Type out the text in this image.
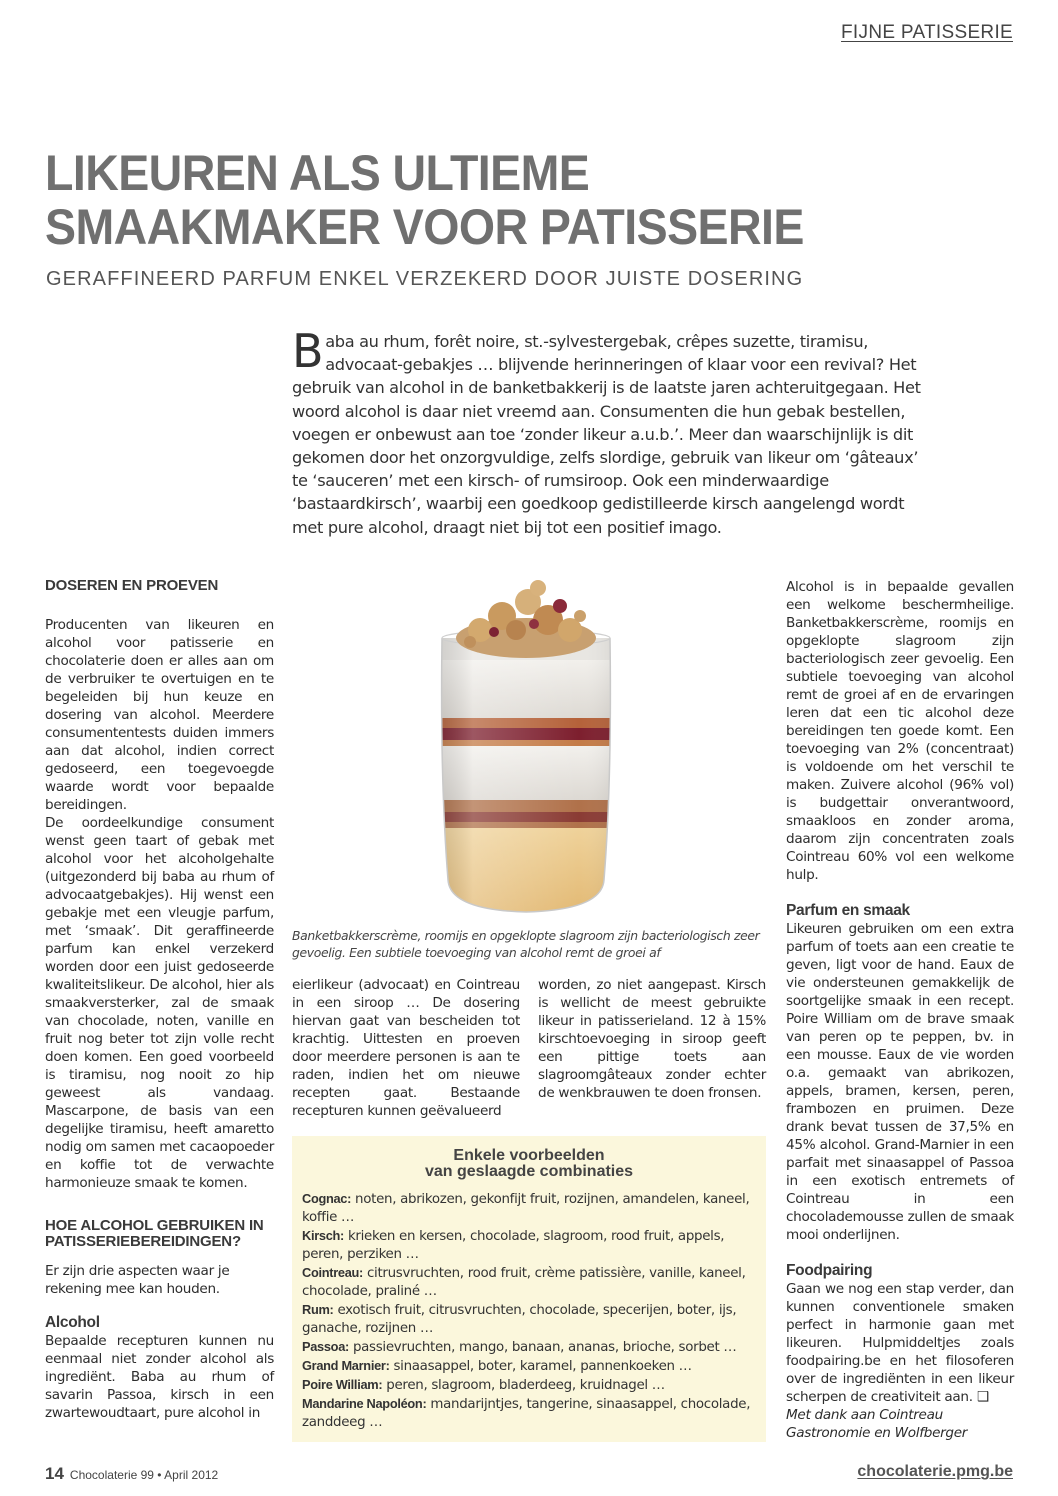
FIJNE PATISSERIE
LIKEUREN ALS ULTIEME
SMAAKMAKER VOOR PATISSERIE
GERAFFINEERD PARFUM ENKEL VERZEKERD DOOR JUISTE DOSERING
Baba au rhum, forêt noire, st.-sylvestergebak, crêpes suzette, tiramisu, advocaat-gebakjes … blijvende herinneringen of klaar voor een revival? Het gebruik van alcohol in de banketbakkerij is de laatste jaren achteruitgegaan. Het woord alcohol is daar niet vreemd aan. Consumenten die hun gebak bestellen, voegen er onbewust aan toe ‘zonder likeur a.u.b.’. Meer dan waarschijnlijk is dit gekomen door het onzorgvuldige, zelfs slordige, gebruik van likeur om ‘gâteaux’ te ‘sauceren’ met een kirsch- of rumsiroop. Ook een minderwaardige ‘bastaardkirsch’, waarbij een goedkoop gedistilleerde kirsch aangelengd wordt met pure alcohol, draagt niet bij tot een positief imago.
DOSEREN EN PROEVEN

Producenten van likeuren en alcohol voor patisserie en chocolaterie doen er alles aan om de verbruiker te overtuigen en te begeleiden bij hun keuze en dosering van alcohol. Meerdere consumententests duiden immers aan dat alcohol, indien correct gedoseerd, een toegevoegde waarde wordt voor bepaalde bereidingen.

De oordeelkundige consument wenst geen taart of gebak met alcohol voor het alcoholgehalte (uitgezonderd bij baba au rhum of advocaatgebakjes). Hij wenst een gebakje met een vleugje parfum, met ‘smaak’. Dit geraffineerde parfum kan enkel verzekerd worden door een juist gedoseerde kwaliteitslikeur. De alcohol, hier als smaakversterker, zal de smaak van chocolade, noten, vanille en fruit nog beter tot zijn volle recht doen komen. Een goed voorbeeld is tiramisu, nog nooit zo hip geweest als vandaag. Mascarpone, de basis van een degelijke tiramisu, heeft amaretto nodig om samen met cacaopoeder en koffie tot de verwachte harmonieuze smaak te komen.

HOE ALCOHOL GEBRUIKEN IN PATISSERIEBEREIDINGEN?

Er zijn drie aspecten waar je rekening mee kan houden.

Alcohol

Bepaalde recepturen kunnen nu eenmaal niet zonder alcohol als ingrediënt. Baba au rhum of savarin Passoa, kirsch in een zwartewoudtaart, pure alcohol in

Banketbakkerscrème, roomijs en opgeklopte slagroom zijn bacteriologisch zeer gevoelig. Een subtiele toevoeging van alcohol remt de groei af

eierlikeur (advocaat) en Cointreau in een siroop … De dosering hiervan gaat van bescheiden tot krachtig. Uittesten en proeven door meerdere personen is aan te raden, indien het om nieuwe recepten gaat. Bestaande recepturen kunnen geëvalueerd

worden, zo niet aangepast. Kirsch is wellicht de meest gebruikte likeur in patisserieland. 12 à 15% kirschtoevoeging in siroop geeft een pittige toets aan slagroomgâteaux zonder echter de wenkbrauwen te doen fronsen.

Enkele voorbeelden
van geslaagde combinaties
Cognac: noten, abrikozen, gekonfijt fruit, rozijnen, amandelen, kaneel, koffie …
Kirsch: krieken en kersen, chocolade, slagroom, rood fruit, appels, peren, perziken …
Cointreau: citrusvruchten, rood fruit, crème patissière, vanille, kaneel, chocolade, praliné …
Rum: exotisch fruit, citrusvruchten, chocolade, specerijen, boter, ijs, ganache, rozijnen …
Passoa: passievruchten, mango, banaan, ananas, brioche, sorbet …
Grand Marnier: sinaasappel, boter, karamel, pannenkoeken …
Poire William: peren, slagroom, bladerdeeg, kruidnagel …
Mandarine Napoléon: mandarijntjes, tangerine, sinaasappel, chocolade, zanddeeg …

Alcohol is in bepaalde gevallen een welkome beschermheilige. Banketbakkerscrème, roomijs en opgeklopte slagroom zijn bacteriologisch zeer gevoelig. Een subtiele toevoeging van alcohol remt de groei af en de ervaringen leren dat een tic alcohol deze bereidingen ten goede komt. Een toevoeging van 2% (concentraat) is voldoende om het verschil te maken. Zuivere alcohol (96% vol) is budgettair onverantwoord, smaakloos en zonder aroma, daarom zijn concentraten zoals Cointreau 60% vol een welkome hulp.

Parfum en smaak

Likeuren gebruiken om een extra parfum of toets aan een creatie te geven, ligt voor de hand. Eaux de vie ondersteunen gemakkelijk de soortgelijke smaak in een recept. Poire William om de brave smaak van peren op te peppen, bv. in een mousse. Eaux de vie worden o.a. gemaakt van abrikozen, appels, bramen, kersen, peren, frambozen en pruimen. Deze drank bevat tussen de 37,5% en 45% alcohol. Grand-Marnier in een parfait met sinaasappel of Passoa in een exotisch entremets of Cointreau in een chocolademousse zullen de smaak mooi onderlijnen.

Foodpairing

Gaan we nog een stap verder, dan kunnen conventionele smaken perfect in harmonie gaan met likeuren. Hulpmiddeltjes zoals foodpairing.be en het filosoferen over de ingrediënten in een likeur scherpen de creativiteit aan. ❑

Met dank aan Cointreau Gastronomie en Wolfberger

14 Chocolaterie 99 • April 2012	chocolaterie.pmg.be
